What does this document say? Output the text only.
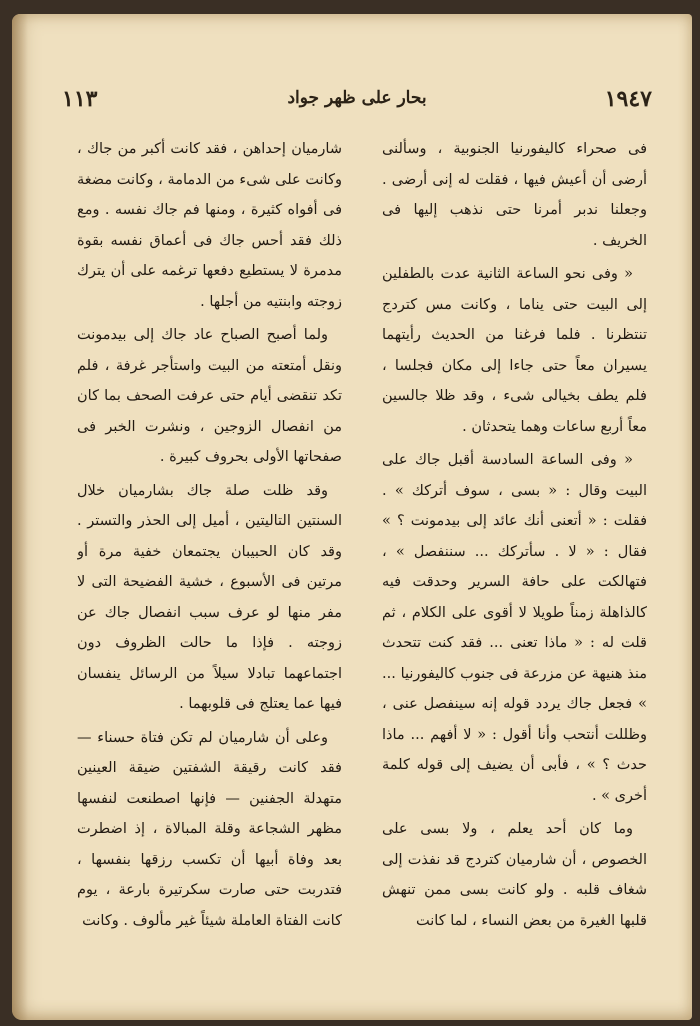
١٩٤٧
بحار على ظهر جواد
١١٣

فى صحراء كاليفورنيا الجنوبية ، وسألنى أرضى أن أعيش فيها ، فقلت له إنى أرضى . وجعلنا ندبر أمرنا حتى نذهب إليها فى الخريف .

« وفى نحو الساعة الثانية عدت بالطفلين إلى البيت حتى يناما ، وكانت مس كتردج تنتظرنا . فلما فرغنا من الحديث رأيتهما يسيران معاً حتى جاءا إلى مكان فجلسا ، فلم يطف بخيالى شىء ، وقد ظلا جالسين معاً أربع ساعات وهما يتحدثان .

« وفى الساعة السادسة أقبل جاك على البيت وقال : « بسى ، سوف أتركك » . فقلت : « أتعنى أنك عائد إلى بيدمونت ؟ » فقال : « لا . سأتركك ... سننفصل » ، فتهالكت على حافة السرير وحدقت فيه كالذاهلة زمناً طويلا لا أقوى على الكلام ، ثم قلت له : « ماذا تعنى ... فقد كنت تتحدث منذ هنيهة عن مزرعة فى جنوب كاليفورنيا ... » فجعل جاك يردد قوله إنه سينفصل عنى ، وظللت أنتحب وأنا أقول : « لا أفهم ... ماذا حدث ؟ » ، فأبى أن يضيف إلى قوله كلمة أخرى » .

وما كان أحد يعلم ، ولا بسى على الخصوص ، أن شارميان كتردج قد نفذت إلى شغاف قلبه . ولو كانت بسى ممن تنهش قلبها الغيرة من بعض النساء ، لما كانت

شارميان إحداهن ، فقد كانت أكبر من جاك ، وكانت على شىء من الدمامة ، وكانت مضغة فى أفواه كثيرة ، ومنها فم جاك نفسه . ومع ذلك فقد أحس جاك فى أعماق نفسه بقوة مدمرة لا يستطيع دفعها ترغمه على أن يترك زوجته وابنتيه من أجلها .

ولما أصبح الصباح عاد جاك إلى بيدمونت ونقل أمتعته من البيت واستأجر غرفة ، فلم تكد تنقضى أيام حتى عرفت الصحف بما كان من انفصال الزوجين ، ونشرت الخبر فى صفحاتها الأولى بحروف كبيرة .

وقد ظلت صلة جاك بشارميان خلال السنتين التاليتين ، أميل إلى الحذر والتستر . وقد كان الحبيبان يجتمعان خفية مرة أو مرتين فى الأسبوع ، خشية الفضيحة التى لا مفر منها لو عرف سبب انفصال جاك عن زوجته . فإذا ما حالت الظروف دون اجتماعهما تبادلا سيلاً من الرسائل ينفسان فيها عما يعتلج فى قلوبهما .

وعلى أن شارميان لم تكن فتاة حسناء — فقد كانت رقيقة الشفتين ضيقة العينين متهدلة الجفنين — فإنها اصطنعت لنفسها مظهر الشجاعة وقلة المبالاة ، إذ اضطرت بعد وفاة أبيها أن تكسب رزقها بنفسها ، فتدربت حتى صارت سكرتيرة بارعة ، يوم كانت الفتاة العاملة شيئاً غير مألوف . وكانت
